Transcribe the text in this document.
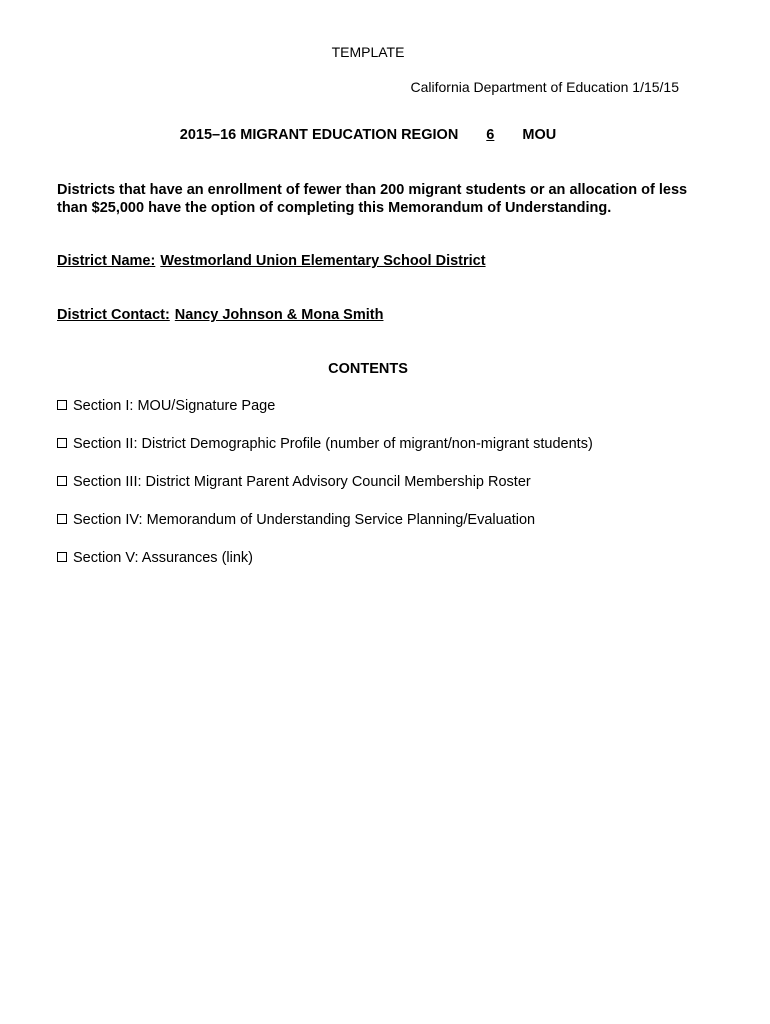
TEMPLATE
California Department of Education 1/15/15
2015–16 MIGRANT EDUCATION REGION 6 MOU
Districts that have an enrollment of fewer than 200 migrant students or an allocation of less than $25,000 have the option of completing this Memorandum of Understanding.
District Name: Westmorland Union Elementary School District
District Contact: Nancy Johnson & Mona Smith
CONTENTS
Section I: MOU/Signature Page
Section II: District Demographic Profile (number of migrant/non-migrant students)
Section III: District Migrant Parent Advisory Council Membership Roster
Section IV: Memorandum of Understanding Service Planning/Evaluation
Section V: Assurances (link)
